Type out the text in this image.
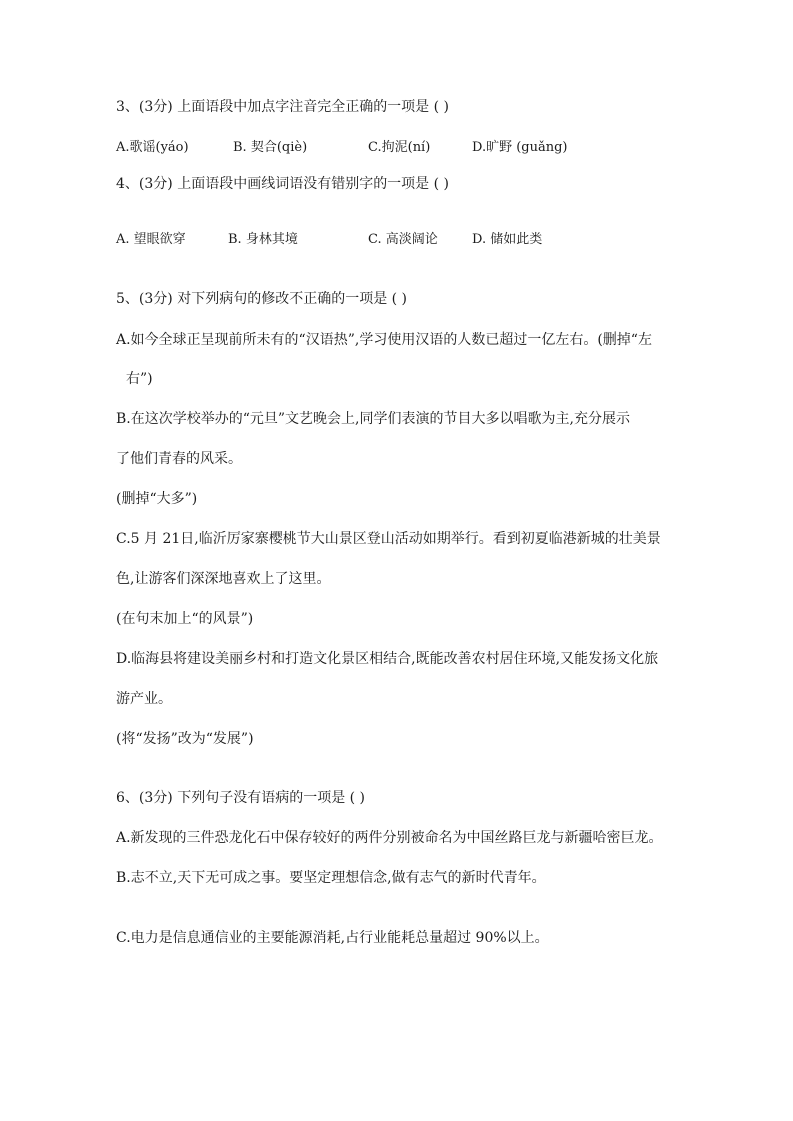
3、(3分) 上面语段中加点字注音完全正确的一项是 ( )
A.歌谣(yáo)	B. 契合(qiè)	C.拘泥(ní)	D.旷野 (guǎng)
4、(3分) 上面语段中画线词语没有错别字的一项是 ( )
A. 望眼欲穿	B. 身林其境	C. 高淡阔论	D. 储如此类
5、(3分) 对下列病句的修改不正确的一项是 ( )
A.如今全球正呈现前所未有的“汉语热”,学习使用汉语的人数已超过一亿左右。(删掉“左
右”)
B.在这次学校举办的“元旦”文艺晚会上,同学们表演的节目大多以唱歌为主,充分展示
了他们青春的风采。
(删掉“大多”)
C.5 月 21日,临沂厉家寨樱桃节大山景区登山活动如期举行。看到初夏临港新城的壮美景
色,让游客们深深地喜欢上了这里。
(在句末加上“的风景”)
D.临海县将建设美丽乡村和打造文化景区相结合,既能改善农村居住环境,又能发扬文化旅
游产业。
(将“发扬”改为“发展”)
6、(3分) 下列句子没有语病的一项是 ( )
A.新发现的三件恐龙化石中保存较好的两件分别被命名为中国丝路巨龙与新疆哈密巨龙。
B.志不立,天下无可成之事。要坚定理想信念,做有志气的新时代青年。
C.电力是信息通信业的主要能源消耗,占行业能耗总量超过 90%以上。
